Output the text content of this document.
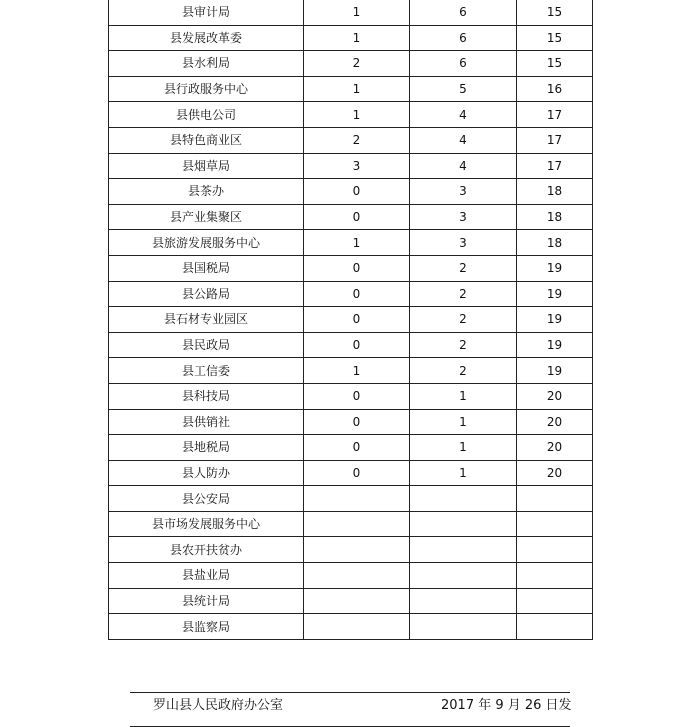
县审计局	1	6	15
县发展改革委	1	6	15
县水利局	2	6	15
县行政服务中心	1	5	16
县供电公司	1	4	17
县特色商业区	2	4	17
县烟草局	3	4	17
县茶办	0	3	18
县产业集聚区	0	3	18
县旅游发展服务中心	1	3	18
县国税局	0	2	19
县公路局	0	2	19
县石材专业园区	0	2	19
县民政局	0	2	19
县工信委	1	2	19
县科技局	0	1	20
县供销社	0	1	20
县地税局	0	1	20
县人防办	0	1	20
县公安局			
县市场发展服务中心			
县农开扶贫办			
县盐业局			
县统计局			
县监察局			
罗山县人民政府办公室	2017 年 9 月 26 日发
